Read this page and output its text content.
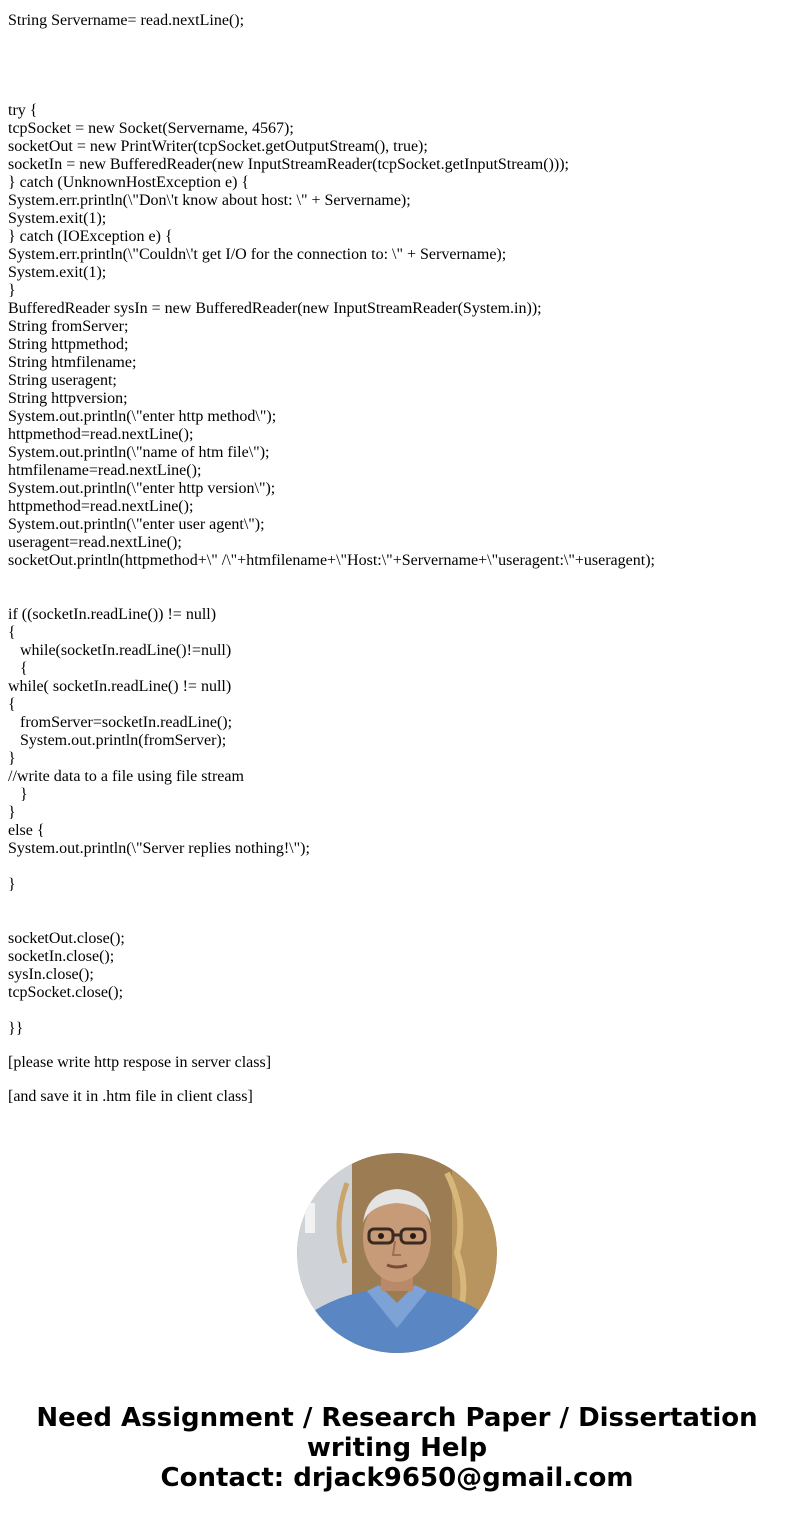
String Servername= read.nextLine();
try {
tcpSocket = new Socket(Servername, 4567);
socketOut = new PrintWriter(tcpSocket.getOutputStream(), true);
socketIn = new BufferedReader(new InputStreamReader(tcpSocket.getInputStream()));
} catch (UnknownHostException e) {
System.err.println(\"Don\'t know about host: \" + Servername);
System.exit(1);
} catch (IOException e) {
System.err.println(\"Couldn\'t get I/O for the connection to: \" + Servername);
System.exit(1);
}
BufferedReader sysIn = new BufferedReader(new InputStreamReader(System.in));
String fromServer;
String httpmethod;
String htmfilename;
String useragent;
String httpversion;
System.out.println(\"enter http method\");
httpmethod=read.nextLine();
System.out.println(\"name of htm file\");
htmfilename=read.nextLine();
System.out.println(\"enter http version\");
httpmethod=read.nextLine();
System.out.println(\"enter user agent\");
useragent=read.nextLine();
socketOut.println(httpmethod+\" /\"+htmfilename+\"Host:\"+Servername+\"useragent:\"+useragent);
if ((socketIn.readLine()) != null)
{
while(socketIn.readLine()!=null)
{
while( socketIn.readLine() != null)
{
fromServer=socketIn.readLine();
System.out.println(fromServer);
}
//write data to a file using file stream
}
}
else {
System.out.println(\"Server replies nothing!\");
}
socketOut.close();
socketIn.close();
sysIn.close();
tcpSocket.close();
}}
[please write http respose in server class]
[and save it in .htm file in client class]
Need Assignment / Research Paper / Dissertation
writing Help
Contact: drjack9650@gmail.com
